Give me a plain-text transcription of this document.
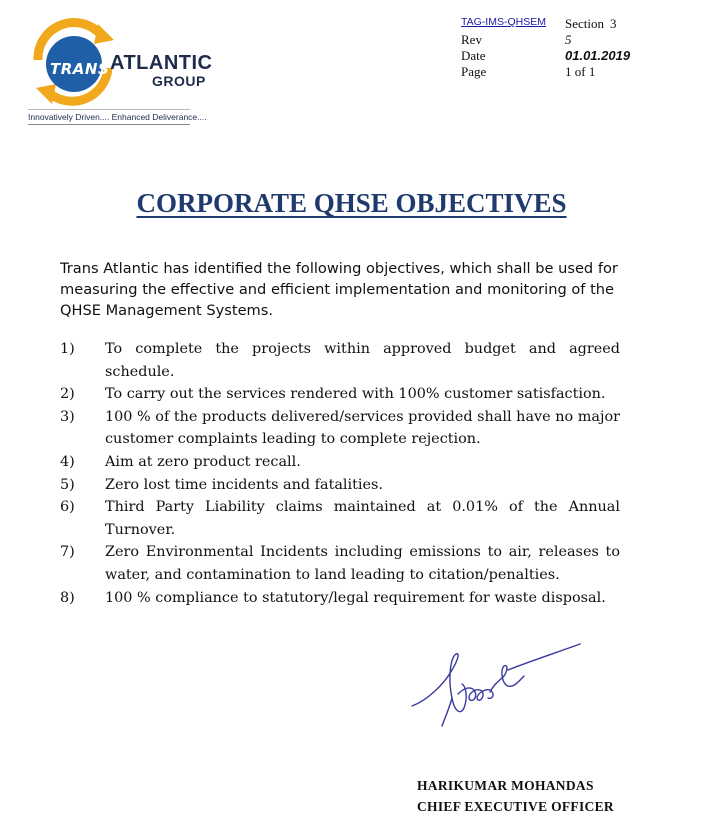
TRANS ATLANTIC
GROUP
Innovatively Driven.... Enhanced Deliverance....
TAG-IMS-QHSEM Section 3
Rev	5
Date	01.01.2019
Page	1 of 1
CORPORATE QHSE OBJECTIVES
Trans Atlantic has identified the following objectives, which shall be used for measuring the effective and efficient implementation and monitoring of the QHSE Management Systems.
1)	To complete the projects within approved budget and agreed schedule.
2)	To carry out the services rendered with 100% customer satisfaction.
3)	100 % of the products delivered/services provided shall have no major customer complaints leading to complete rejection.
4)	Aim at zero product recall.
5)	Zero lost time incidents and fatalities.
6)	Third Party Liability claims maintained at 0.01% of the Annual Turnover.
7)	Zero Environmental Incidents including emissions to air, releases to water, and contamination to land leading to citation/penalties.
8)	100 % compliance to statutory/legal requirement for waste disposal.
HARIKUMAR MOHANDAS
CHIEF EXECUTIVE OFFICER
